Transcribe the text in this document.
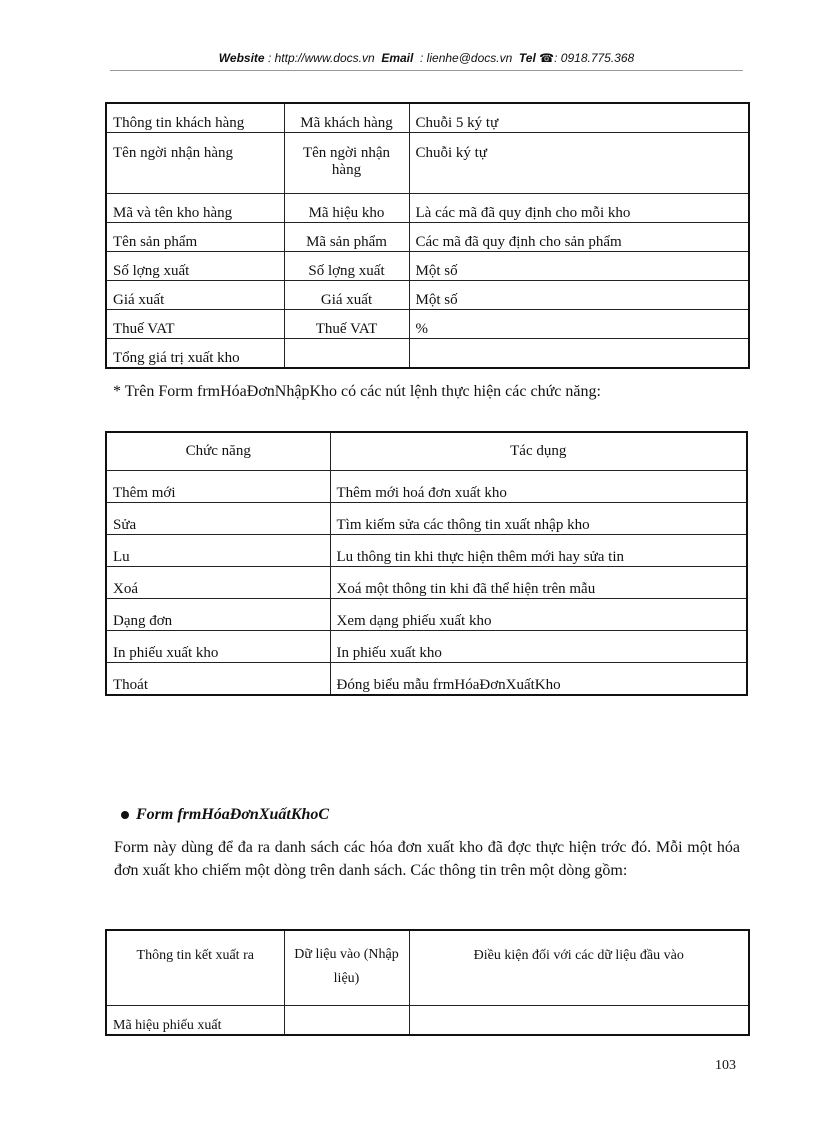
Website : http://www.docs.vn Email : lienhe@docs.vn Tel ☎: 0918.775.368
Thông tin khách hàng	Mã khách hàng	Chuỗi 5 ký tự
Tên ngời nhận hàng	Tên ngời nhận hàng	Chuỗi ký tự
Mã và tên kho hàng	Mã hiệu kho	Là các mã đã quy định cho mỗi kho
Tên sản phẩm	Mã sản phẩm	Các mã đã quy định cho sản phẩm
Số lợng xuất	Số lợng xuất	Một số
Giá xuất	Giá xuất	Một số
Thuế VAT	Thuế VAT	%
Tổng giá trị xuất kho		
* Trên Form frmHóaĐơnNhậpKho có các nút lệnh thực hiện các chức năng:
Chức năng	Tác dụng
Thêm mới	Thêm mới hoá đơn xuất kho
Sửa	Tìm kiếm sửa các thông tin xuất nhập kho
Lu	Lu thông tin khi thực hiện thêm mới hay sửa tin
Xoá	Xoá một thông tin khi đã thể hiện trên mẫu
Dạng đơn	Xem dạng phiếu xuất kho
In phiếu xuất kho	In phiếu xuất kho
Thoát	Đóng biểu mẫu frmHóaĐơnXuấtKho
Form frmHóaĐơnXuấtKhoC
Form này dùng để đa ra danh sách các hóa đơn xuất kho đã đợc thực hiện trớc đó. Mỗi một hóa đơn xuất kho chiếm một dòng trên danh sách. Các thông tin trên một dòng gồm:
Thông tin kết xuất ra	Dữ liệu vào (Nhập liệu)	Điều kiện đối với các dữ liệu đầu vào
Mã hiệu phiếu xuất		
103
